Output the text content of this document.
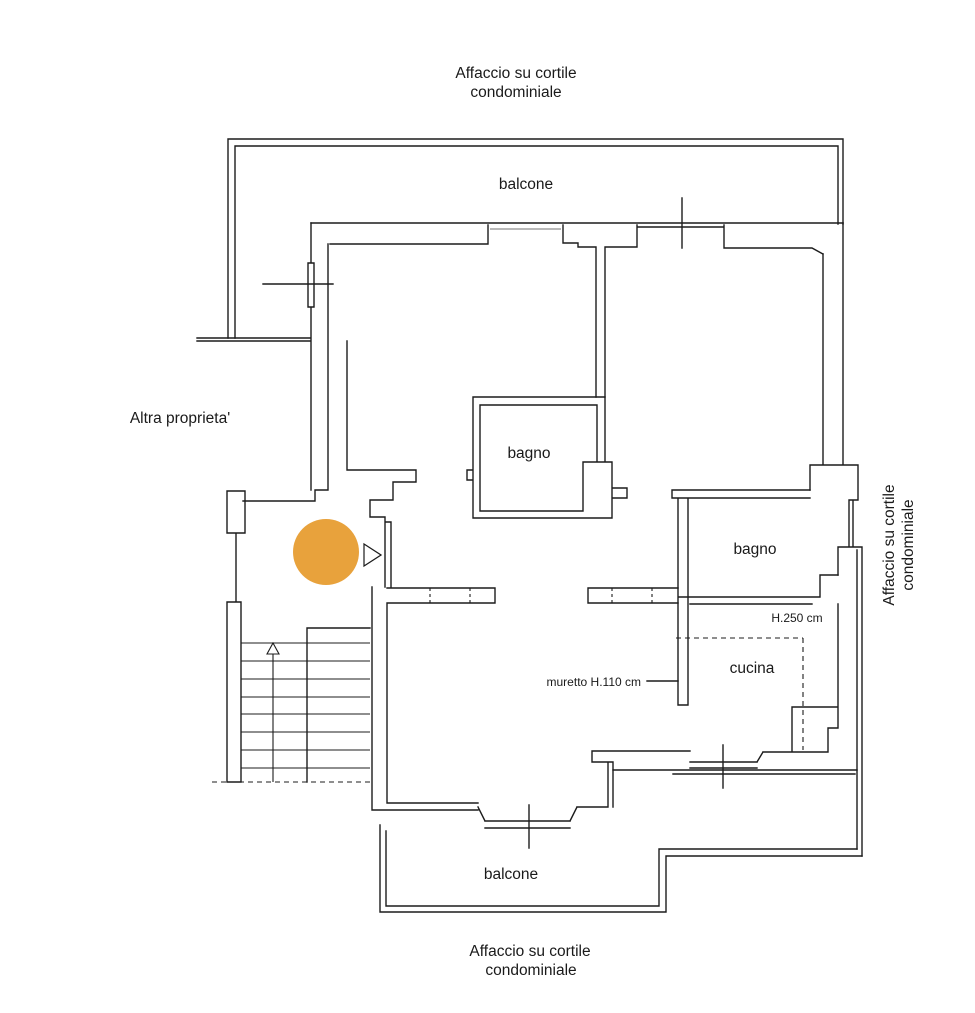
Affaccio su cortile
condominiale
balcone
Altra proprieta'
bagno
bagno
cucina
H.250 cm
muretto H.110 cm
Affaccio su cortile condominiale
balcone
Affaccio su cortile
condominiale
